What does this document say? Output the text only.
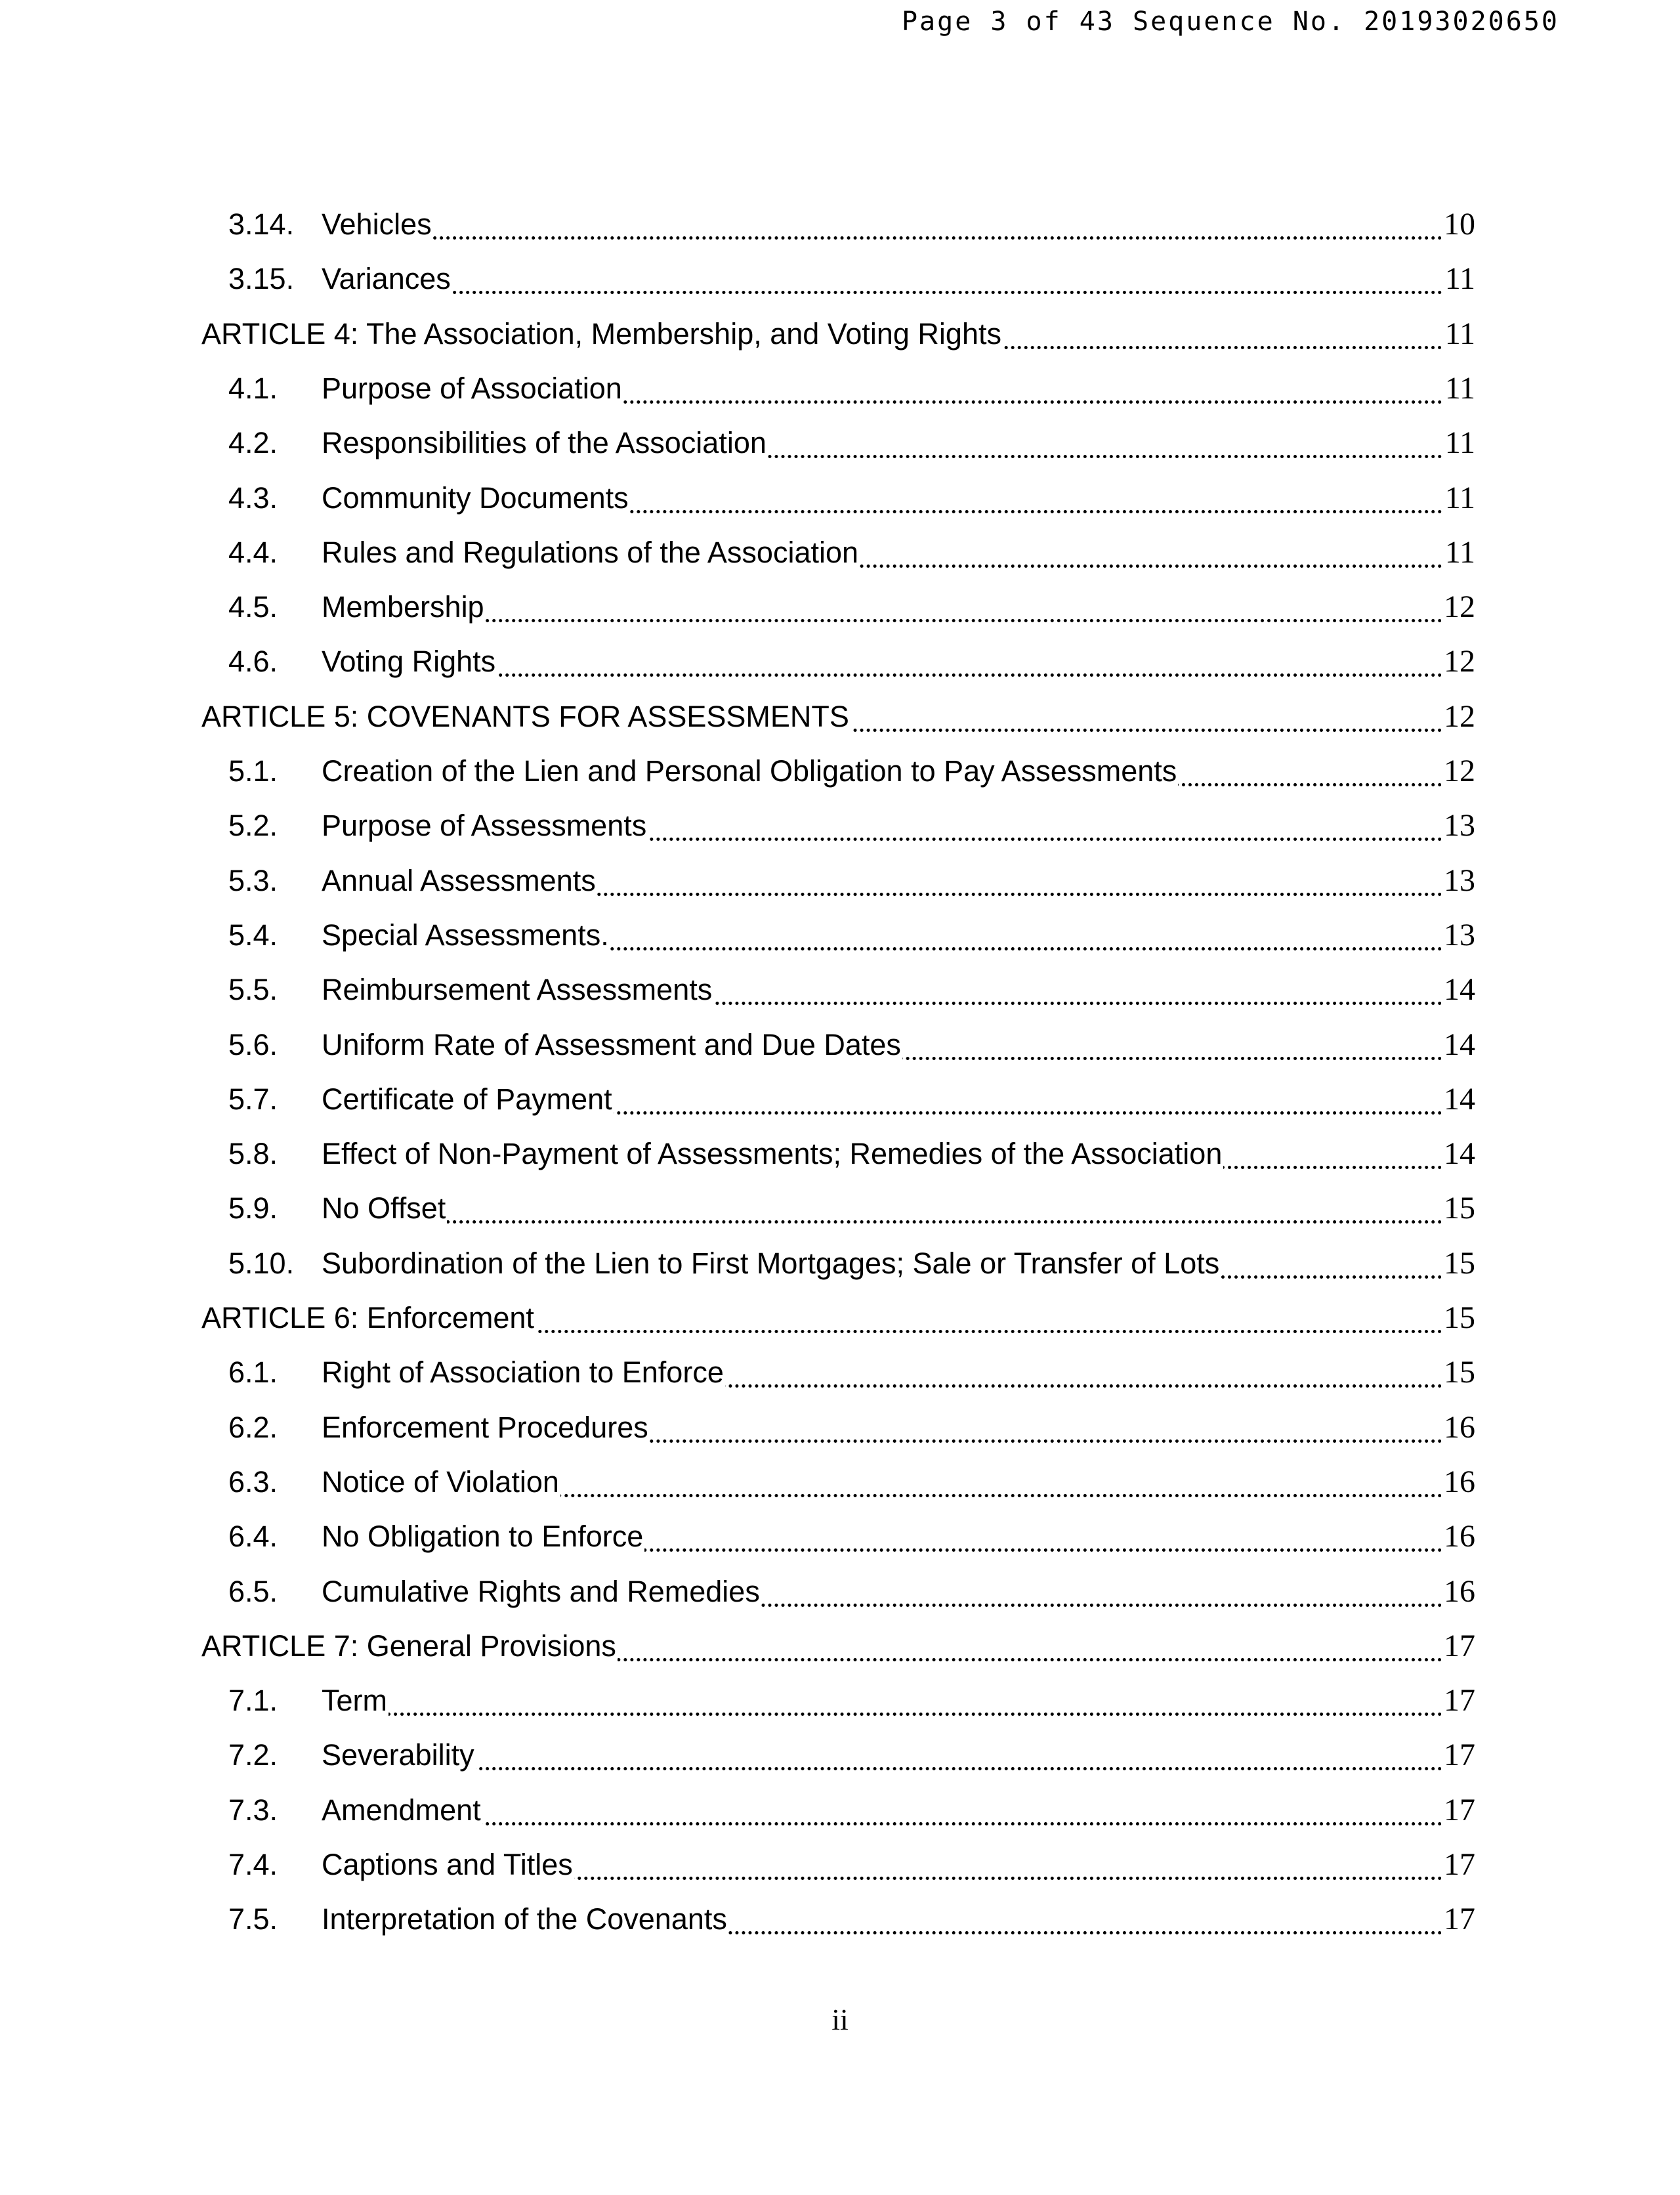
Page 3 of 43 Sequence No. 20193020650
3.14. Vehicles	10
3.15. Variances	11
ARTICLE 4: The Association, Membership, and Voting Rights	11
4.1. Purpose of Association	11
4.2. Responsibilities of the Association	11
4.3. Community Documents	11
4.4. Rules and Regulations of the Association	11
4.5. Membership	12
4.6. Voting Rights	12
ARTICLE 5: COVENANTS FOR ASSESSMENTS	12
5.1. Creation of the Lien and Personal Obligation to Pay Assessments	12
5.2. Purpose of Assessments	13
5.3. Annual Assessments	13
5.4. Special Assessments.	13
5.5. Reimbursement Assessments	14
5.6. Uniform Rate of Assessment and Due Dates	14
5.7. Certificate of Payment	14
5.8. Effect of Non-Payment of Assessments; Remedies of the Association	14
5.9. No Offset	15
5.10. Subordination of the Lien to First Mortgages; Sale or Transfer of Lots	15
ARTICLE 6: Enforcement	15
6.1. Right of Association to Enforce	15
6.2. Enforcement Procedures	16
6.3. Notice of Violation	16
6.4. No Obligation to Enforce	16
6.5. Cumulative Rights and Remedies	16
ARTICLE 7: General Provisions	17
7.1. Term	17
7.2. Severability	17
7.3. Amendment	17
7.4. Captions and Titles	17
7.5. Interpretation of the Covenants	17
ii
